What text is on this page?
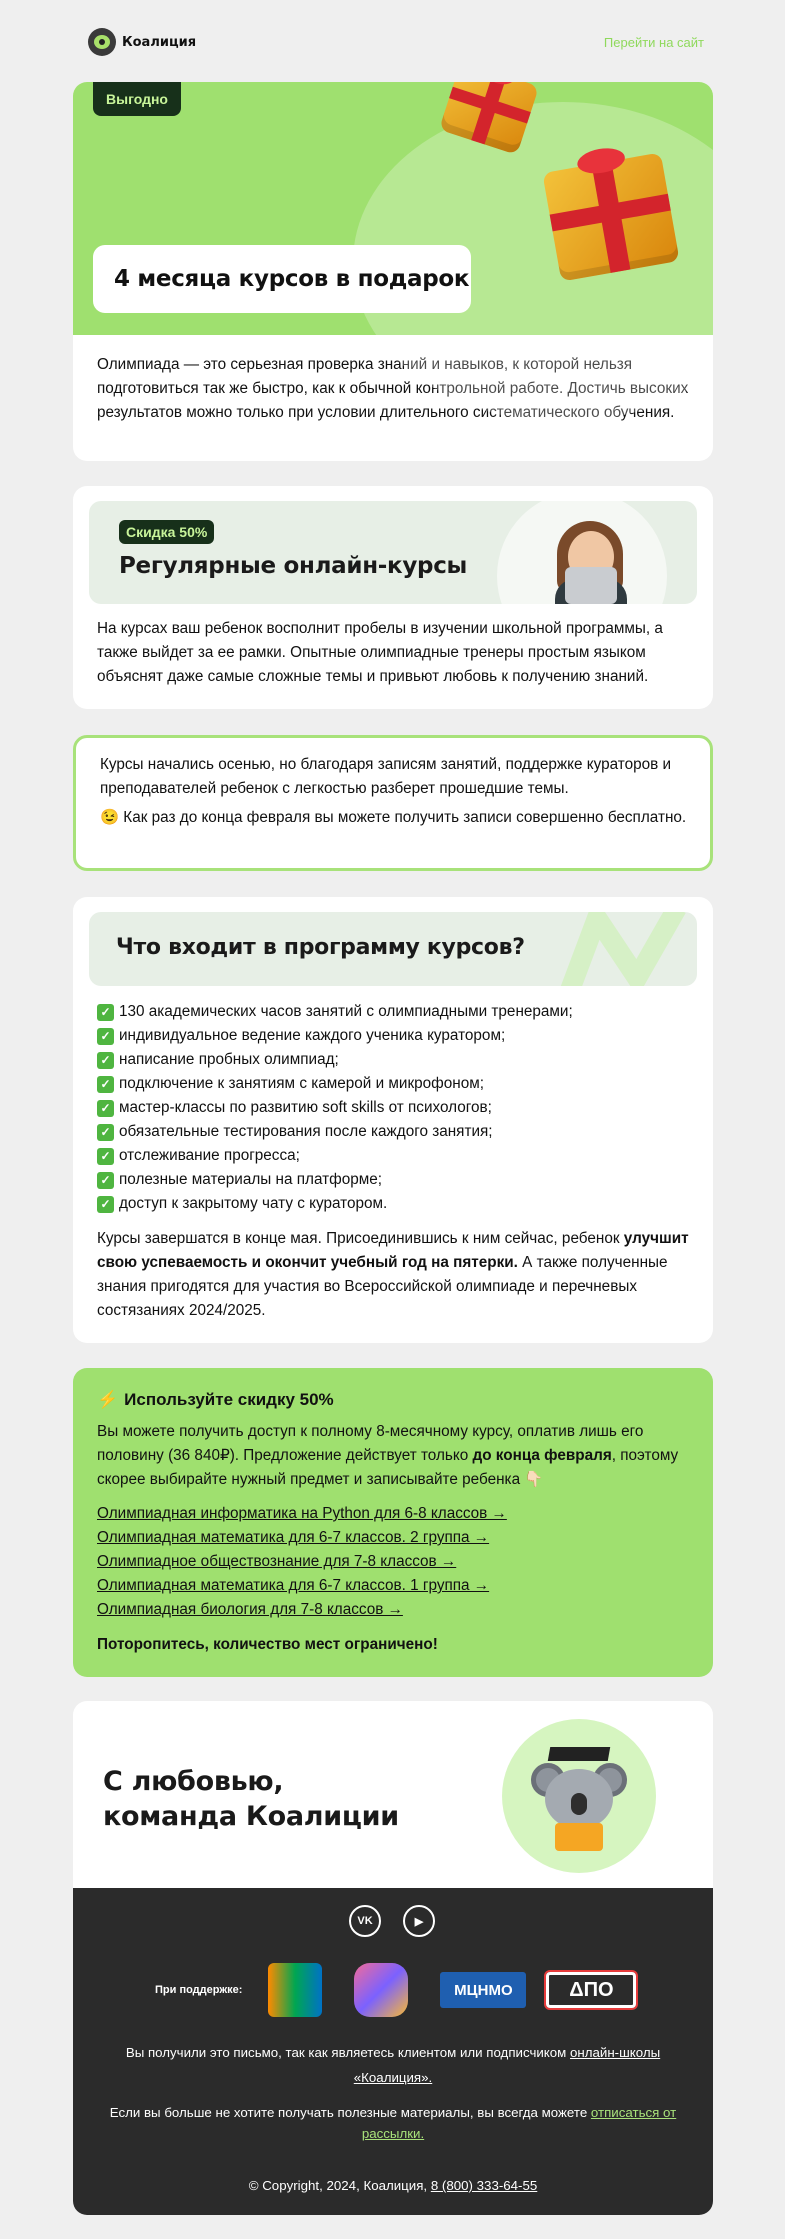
Коалиция	Перейти на сайт
Выгодно
4 месяца курсов в подарок

Олимпиада — это серьезная проверка знаний и навыков, к которой нельзя подготовиться так же быстро, как к обычной контрольной работе. Достичь высоких результатов можно только при условии длительного систематического обучения.

Скидка 50%
Регулярные онлайн-курсы

На курсах ваш ребенок восполнит пробелы в изучении школьной программы, а также выйдет за ее рамки. Опытные олимпиадные тренеры простым языком объяснят даже самые сложные темы и привьют любовь к получению знаний.

Курсы начались осенью, но благодаря записям занятий, поддержке кураторов и преподавателей ребенок с легкостью разберет прошедшие темы.

😉 Как раз до конца февраля вы можете получить записи совершенно бесплатно.

Что входит в программу курсов?
✓ 130 академических часов занятий с олимпиадными тренерами;
✓ индивидуальное ведение каждого ученика куратором;
✓ написание пробных олимпиад;
✓ подключение к занятиям с камерой и микрофоном;
✓ мастер-классы по развитию soft skills от психологов;
✓ обязательные тестирования после каждого занятия;
✓ отслеживание прогресса;
✓ полезные материалы на платформе;
✓ доступ к закрытому чату с куратором.

Курсы завершатся в конце мая. Присоединившись к ним сейчас, ребенок улучшит свою успеваемость и окончит учебный год на пятерки. А также полученные знания пригодятся для участия во Всероссийской олимпиаде и перечневых состязаниях 2024/2025.

⚡ Используйте скидку 50%

Вы можете получить доступ к полному 8-месячному курсу, оплатив лишь его половину (36 840₽). Предложение действует только до конца февраля, поэтому скорее выбирайте нужный предмет и записывайте ребенка 👇🏻

Олимпиадная информатика на Python для 6-8 классов →
Олимпиадная математика для 6-7 классов. 2 группа →
Олимпиадное обществознание для 7-8 классов →
Олимпиадная математика для 6-7 классов. 1 группа →
Олимпиадная биология для 7-8 классов →

Поторопитесь, количество мест ограничено!

С любовью,
команда Коалиции
VK	▶
При поддержке:	МЦНМО	ΔΠΟ

Вы получили это письмо, так как являетесь клиентом или подписчиком онлайн-школы «Коалиция».

Если вы больше не хотите получать полезные материалы, вы всегда можете отписаться от рассылки.

© Copyright, 2024, Коалиция, 8 (800) 333-64-55
